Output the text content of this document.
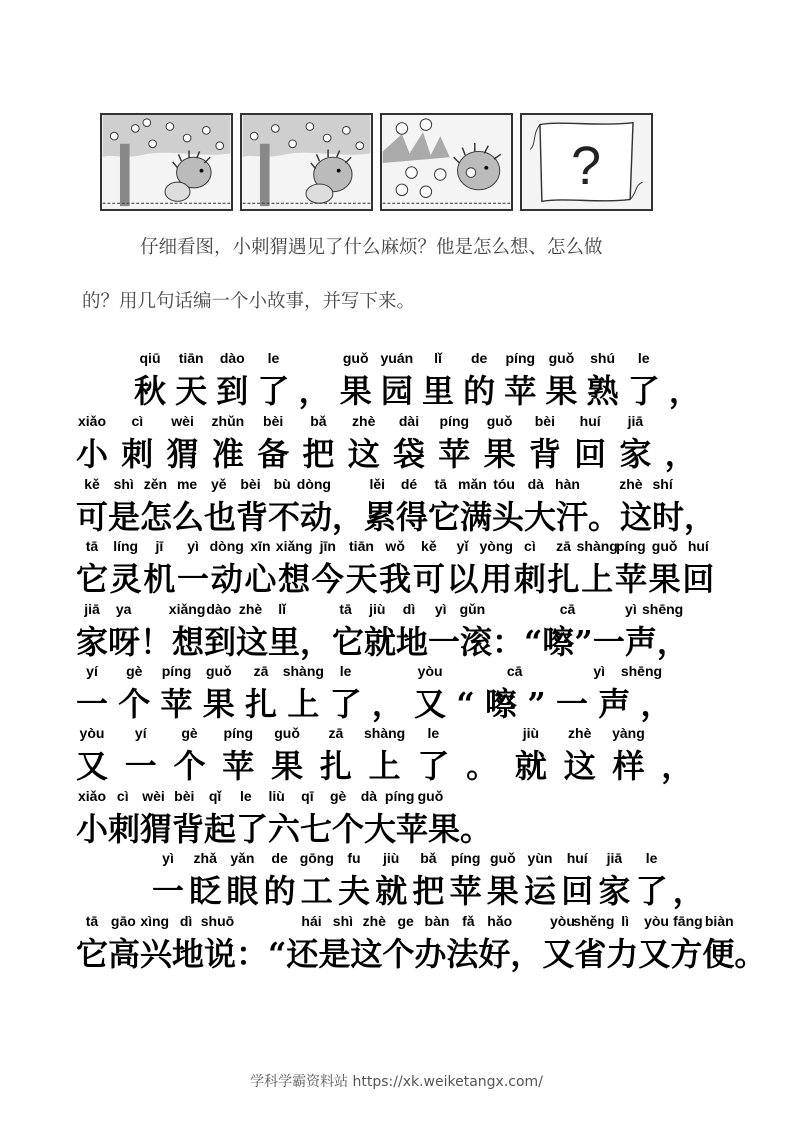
?
仔细看图，小刺猬遇见了什么麻烦？他是怎么想、怎么做
的？用几句话编一个小故事，并写下来。
秋天到了，果园里的苹果熟了，
qiū tiān dào le	guǒ yuán lǐ de píng guǒ shú le
小刺猬准备把这袋苹果背回家，
xiǎo cì wèi zhǔn bèi bǎ zhè dài píng guǒ bèi huí jiā
可是怎么也背不动，累得它满头大汗。这时，
kě shì zěn me yě bèi bù dòng	lěi dé tā mǎn tóu dà hàn	zhè shí
它灵机一动心想今天我可以用刺扎上苹果回
tā líng jī yì dòng xīn xiǎng jīn tiān wǒ kě yǐ yòng cì zā shàng
píng guǒ huí
家呀！想到这里，它就地一滚：“嚓”一声，
jiā ya	xiǎng dào zhè lǐ	tā jiù dì yì gǔn	cā	yì shēng
一个苹果扎上了，又“嚓”一声，
yí gè píng guǒ zā shàng le	yòu	cā	yì shēng
又一个苹果扎上了。就这样，
yòu yí gè píng guǒ zā shàng le	jiù zhè yàng
小刺猬背起了六七个大苹果。
xiǎo cì wèi bèi qǐ le liù qī gè dà píng guǒ
一眨眼的工夫就把苹果运回家了，
yì zhǎ yǎn de gōng fu jiù bǎ píng guǒ yùn huí jiā le
它高兴地说：“还是这个办法好，又省力又方便。
tā gāo xìng dì shuō	hái shì zhè ge bàn fǎ hǎo	yòu
shěng lì yòu fāng biàn
学科学霸资料站 https://xk.weiketangx.com/
